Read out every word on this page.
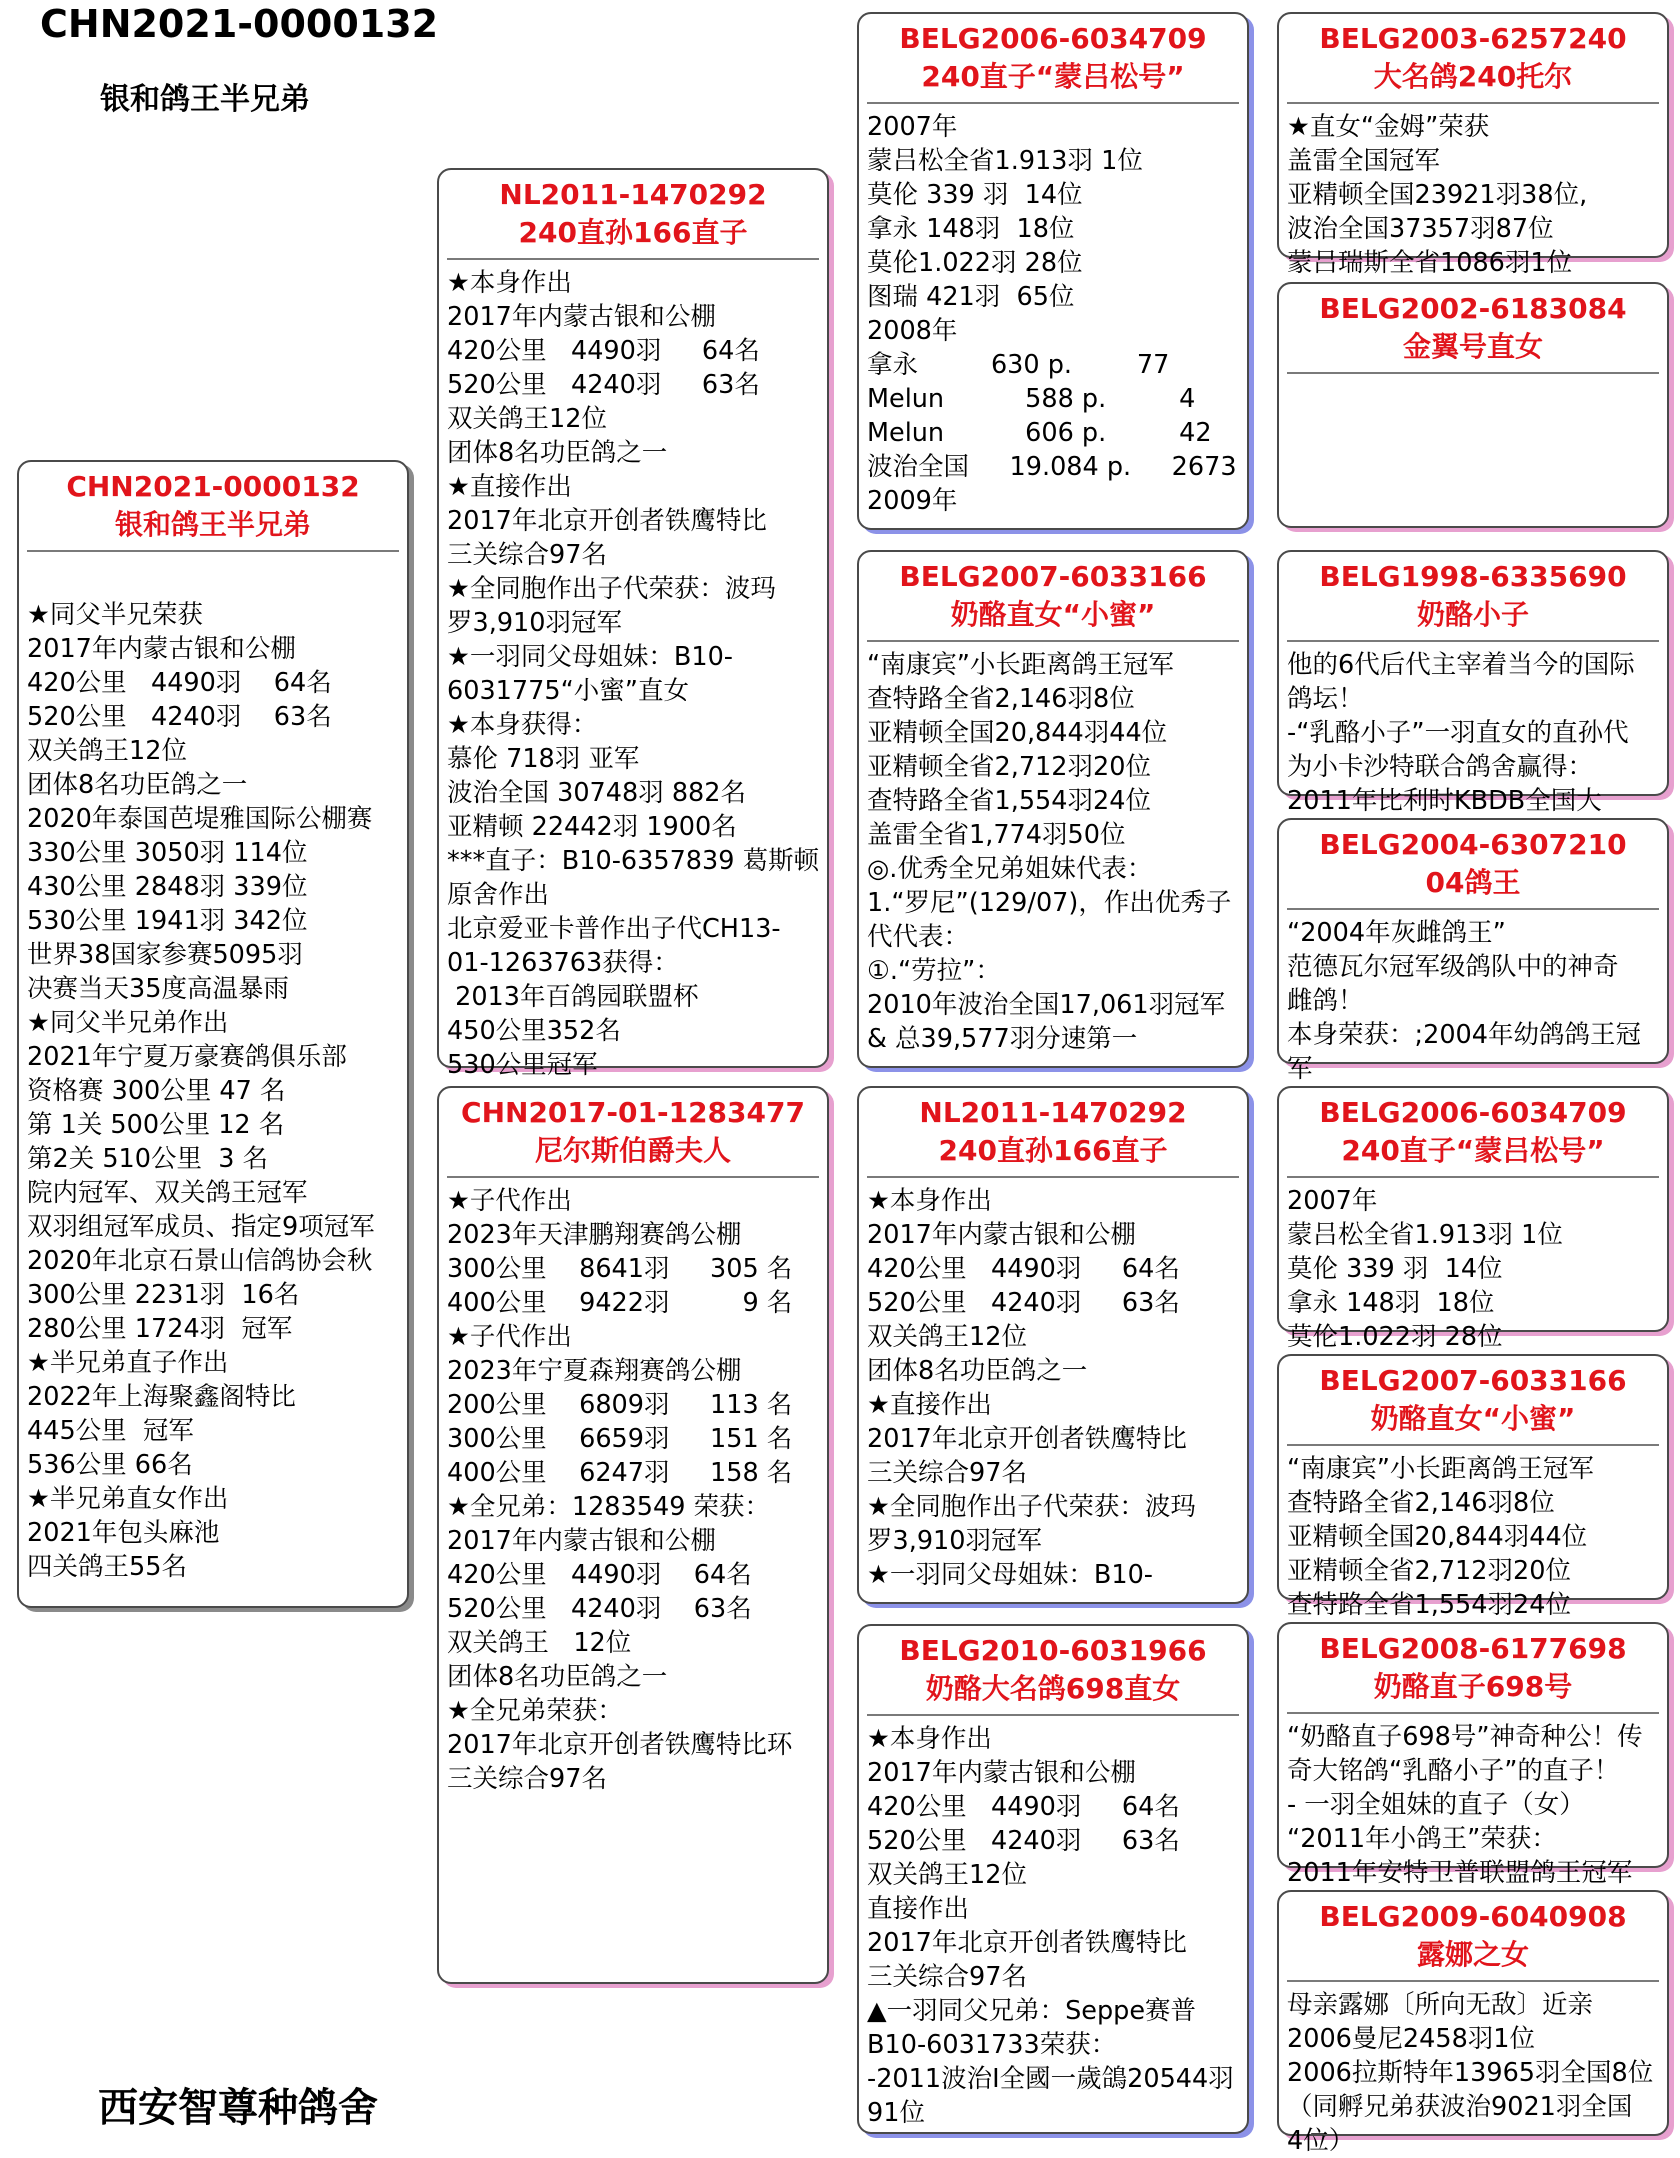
CHN2021-0000132
银和鸽王半兄弟
CHN2021-0000132
银和鸽王半兄弟
★同父半兄荣获
2017年内蒙古银和公棚
420公里   4490羽    64名
520公里   4240羽    63名
双关鸽王12位
团体8名功臣鸽之一
2020年泰国芭堤雅国际公棚赛
330公里 3050羽 114位
430公里 2848羽 339位
530公里 1941羽 342位
世界38国家参赛5095羽
决赛当天35度高温暴雨
★同父半兄弟作出
2021年宁夏万豪赛鸽俱乐部
资格赛 300公里 47 名
第 1关 500公里 12 名
第2关 510公里  3 名
院内冠军、双关鸽王冠军
双羽组冠军成员、指定9项冠军
2020年北京石景山信鸽协会秋
300公里 2231羽  16名
280公里 1724羽  冠军
★半兄弟直子作出
2022年上海聚鑫阁特比
445公里  冠军
536公里 66名
★半兄弟直女作出
2021年包头麻池
四关鸽王55名
NL2011-1470292
240直孙166直子
★本身作出
2017年内蒙古银和公棚
420公里   4490羽     64名
520公里   4240羽     63名
双关鸽王12位
团体8名功臣鸽之一
★直接作出
2017年北京开创者铁鹰特比
三关综合97名
★全同胞作出子代荣获：波玛
罗3,910羽冠军
★一羽同父母姐妹：B10-
6031775“小蜜”直女
★本身获得：
慕伦 718羽 亚军
波治全国 30748羽 882名
亚精顿 22442羽 1900名
***直子：B10-6357839 葛斯顿
原舍作出
北京爱亚卡普作出子代CH13-
01-1263763获得：
2013年百鸽园联盟杯
450公里352名
530公里冠军
CHN2017-01-1283477
尼尔斯伯爵夫人
★子代作出
2023年天津鹏翔赛鸽公棚
300公里    8641羽     305 名
400公里    9422羽         9 名
★子代作出
2023年宁夏森翔赛鸽公棚
200公里    6809羽     113 名
300公里    6659羽     151 名
400公里    6247羽     158 名
★全兄弟：1283549 荣获：
2017年内蒙古银和公棚
420公里   4490羽    64名
520公里   4240羽    63名
双关鸽王   12位
团体8名功臣鸽之一
★全兄弟荣获：
2017年北京开创者铁鹰特比环
三关综合97名
BELG2006-6034709
240直子“蒙吕松号”
2007年
蒙吕松全省1.913羽 1位
莫伦 339 羽  14位
拿永 148羽  18位
莫伦1.022羽 28位
图瑞 421羽  65位
2008年
拿永         630 p.        77
Melun          588 p.         4
Melun          606 p.         42
波治全国     19.084 p.     2673
2009年
BELG2007-6033166
奶酪直女“小蜜”
“南康宾”小长距离鸽王冠军
查特路全省2,146羽8位
亚精顿全国20,844羽44位
亚精顿全省2,712羽20位
查特路全省1,554羽24位
盖雷全省1,774羽50位
◎.优秀全兄弟姐妹代表：
1.“罗尼”(129/07)，作出优秀子
代代表：
①.“劳拉”：
2010年波治全国17,061羽冠军
& 总39,577羽分速第一
NL2011-1470292
240直孙166直子
★本身作出
2017年内蒙古银和公棚
420公里   4490羽     64名
520公里   4240羽     63名
双关鸽王12位
团体8名功臣鸽之一
★直接作出
2017年北京开创者铁鹰特比
三关综合97名
★全同胞作出子代荣获：波玛
罗3,910羽冠军
★一羽同父母姐妹：B10-
BELG2010-6031966
奶酪大名鸽698直女
★本身作出
2017年内蒙古银和公棚
420公里   4490羽     64名
520公里   4240羽     63名
双关鸽王12位
直接作出
2017年北京开创者铁鹰特比
三关综合97名
▲一羽同父兄弟：Seppe赛普
B10-6031733荣获：
-2011波治I全國一歲鴿20544羽
91位
BELG2003-6257240
大名鸽240托尔
★直女“金姆”荣获
盖雷全国冠军
亚精顿全国23921羽38位,
波治全国37357羽87位
蒙吕瑞斯全省1086羽1位
BELG2002-6183084
金翼号直女
BELG1998-6335690
奶酪小子
他的6代后代主宰着当今的国际
鸽坛！
-“乳酪小子”一羽直女的直孙代
为小卡沙特联合鸽舍赢得：
2011年比利时KBDB全国大
BELG2004-6307210
04鸽王
“2004年灰雌鸽王”
范德瓦尔冠军级鸽队中的神奇
雌鸽！
本身荣获：;2004年幼鸽鸽王冠
军
BELG2006-6034709
240直子“蒙吕松号”
2007年
蒙吕松全省1.913羽 1位
莫伦 339 羽  14位
拿永 148羽  18位
莫伦1.022羽 28位
BELG2007-6033166
奶酪直女“小蜜”
“南康宾”小长距离鸽王冠军
查特路全省2,146羽8位
亚精顿全国20,844羽44位
亚精顿全省2,712羽20位
查特路全省1,554羽24位
BELG2008-6177698
奶酪直子698号
“奶酪直子698号”神奇种公！传
奇大铭鸽“乳酪小子”的直子！
- 一羽全姐妹的直子（女）
“2011年小鸽王”荣获：
2011年安特卫普联盟鸽王冠军
BELG2009-6040908
露娜之女
母亲露娜〔所向无敌〕近亲
2006曼尼2458羽1位
2006拉斯特年13965羽全国8位
（同孵兄弟获波治9021羽全国
4位）
西安智尊种鸽舍
